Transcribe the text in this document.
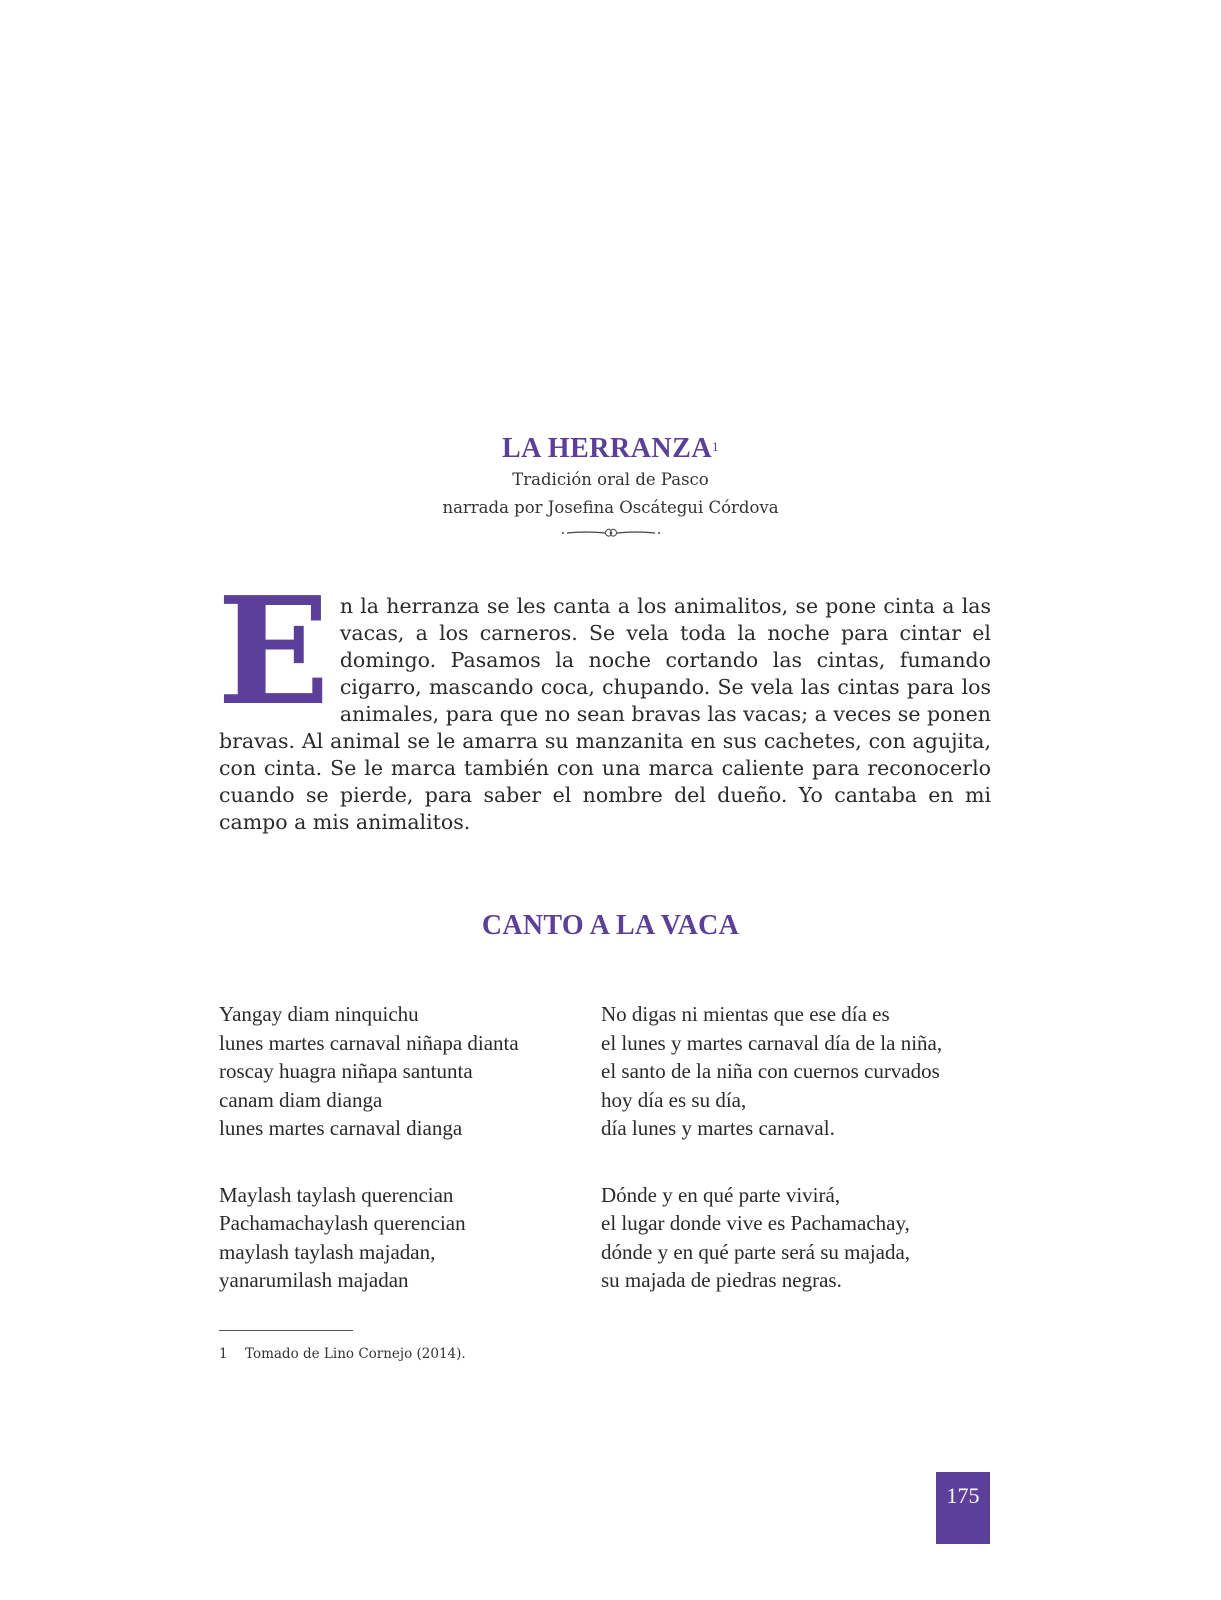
LA HERRANZA$^1$
Tradición oral de Pasco
narrada por Josefina Oscátegui Córdova
E n la herranza se les canta a los animalitos, se pone cinta a las vacas, a los carneros. Se vela toda la noche para cintar el domingo. Pasamos la noche cortando las cintas, fumando cigarro, mascando coca, chupando. Se vela las cintas para los animales, para que no sean bravas las vacas; a veces se ponen bravas. Al animal se le amarra su manzanita en sus cachetes, con agujita, con cinta. Se le marca también con una marca caliente para reconocerlo cuando se pierde, para saber el nombre del dueño. Yo cantaba en mi campo a mis animalitos.
CANTO A LA VACA
Yangay diam ninquichu
lunes martes carnaval niñapa dianta
roscay huagra niñapa santunta
canam diam dianga
lunes martes carnaval dianga
Maylash taylash querencian
Pachamachaylash querencian
maylash taylash majadan,
yanarumilash majadan
No digas ni mientas que ese día es
el lunes y martes carnaval día de la niña,
el santo de la niña con cuernos curvados
hoy día es su día,
día lunes y martes carnaval.
Dónde y en qué parte vivirá,
el lugar donde vive es Pachamachay,
dónde y en qué parte será su majada,
su majada de piedras negras.
1 Tomado de Lino Cornejo (2014).
175
